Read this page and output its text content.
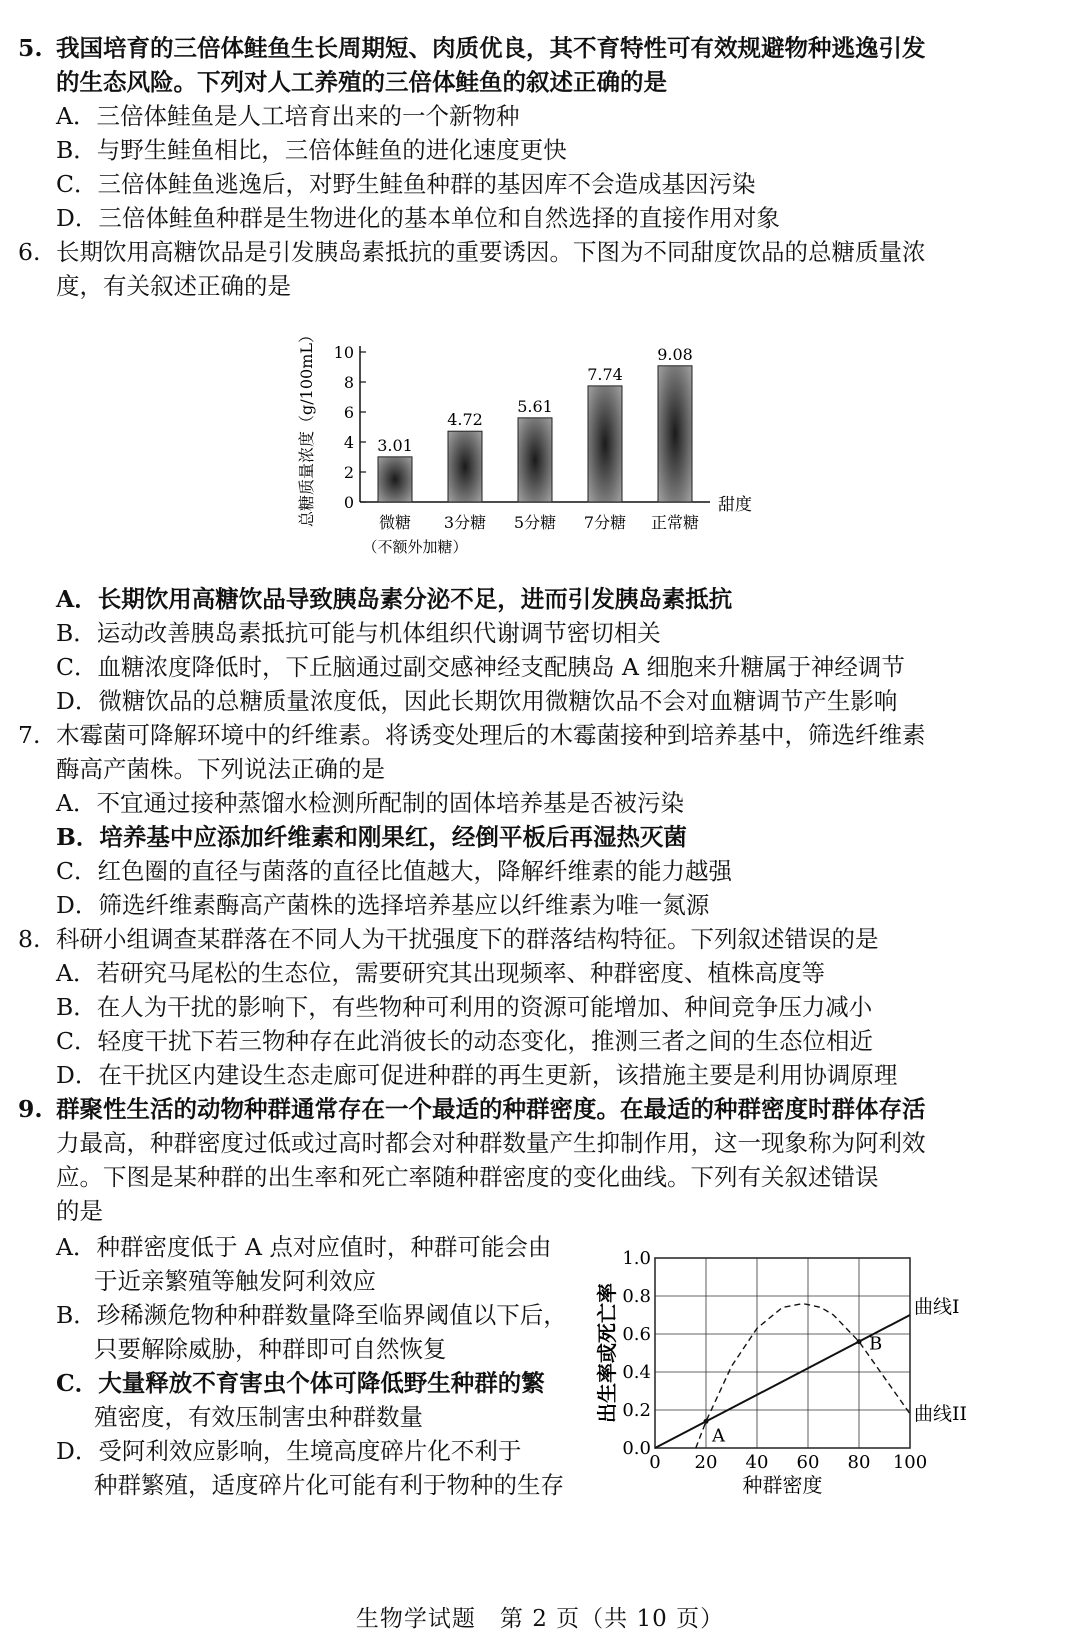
5. 我国培育的三倍体鲑鱼生长周期短、肉质优良，其不育特性可有效规避物种逃逸引发
的生态风险。下列对人工养殖的三倍体鲑鱼的叙述正确的是
A．三倍体鲑鱼是人工培育出来的一个新物种
B．与野生鲑鱼相比，三倍体鲑鱼的进化速度更快
C．三倍体鲑鱼逃逸后，对野生鲑鱼种群的基因库不会造成基因污染
D．三倍体鲑鱼种群是生物进化的基本单位和自然选择的直接作用对象
6. 长期饮用高糖饮品是引发胰岛素抵抗的重要诱因。下图为不同甜度饮品的总糖质量浓
度，有关叙述正确的是
0
2
4
6
8
10
总糖质量浓度（g/100mL）	甜度
3.01
微糖
4.72
3分糖
5.61
5分糖
7.74
7分糖
9.08
正常糖
（不额外加糖）
A．长期饮用高糖饮品导致胰岛素分泌不足，进而引发胰岛素抵抗
B．运动改善胰岛素抵抗可能与机体组织代谢调节密切相关
C．血糖浓度降低时，下丘脑通过副交感神经支配胰岛 A 细胞来升糖属于神经调节
D．微糖饮品的总糖质量浓度低，因此长期饮用微糖饮品不会对血糖调节产生影响
7. 木霉菌可降解环境中的纤维素。将诱变处理后的木霉菌接种到培养基中，筛选纤维素
酶高产菌株。下列说法正确的是
A．不宜通过接种蒸馏水检测所配制的固体培养基是否被污染
B．培养基中应添加纤维素和刚果红，经倒平板后再湿热灭菌
C．红色圈的直径与菌落的直径比值越大，降解纤维素的能力越强
D．筛选纤维素酶高产菌株的选择培养基应以纤维素为唯一氮源
8. 科研小组调查某群落在不同人为干扰强度下的群落结构特征。下列叙述错误的是
A．若研究马尾松的生态位，需要研究其出现频率、种群密度、植株高度等
B．在人为干扰的影响下，有些物种可利用的资源可能增加、种间竞争压力减小
C．轻度干扰下若三物种存在此消彼长的动态变化，推测三者之间的生态位相近
D．在干扰区内建设生态走廊可促进种群的再生更新，该措施主要是利用协调原理
9. 群聚性生活的动物种群通常存在一个最适的种群密度。在最适的种群密度时群体存活
力最高，种群密度过低或过高时都会对种群数量产生抑制作用，这一现象称为阿利效
应。下图是某种群的出生率和死亡率随种群密度的变化曲线。下列有关叙述错误
的是
A．种群密度低于 A 点对应值时，种群可能会由
于近亲繁殖等触发阿利效应
B．珍稀濒危物种种群数量降至临界阈值以下后，
只要解除威胁，种群即可自然恢复
C．大量释放不育害虫个体可降低野生种群的繁
殖密度，有效压制害虫种群数量
D．受阿利效应影响，生境高度碎片化不利于
种群繁殖，适度碎片化可能有利于物种的生存
0 20 40 60 80 100
0.0
0.2
0.4
0.6
0.8
1.0
出生率或死亡率
种群密度
曲线I
曲线II
A
B
生物学试题　第 2 页（共 10 页）
